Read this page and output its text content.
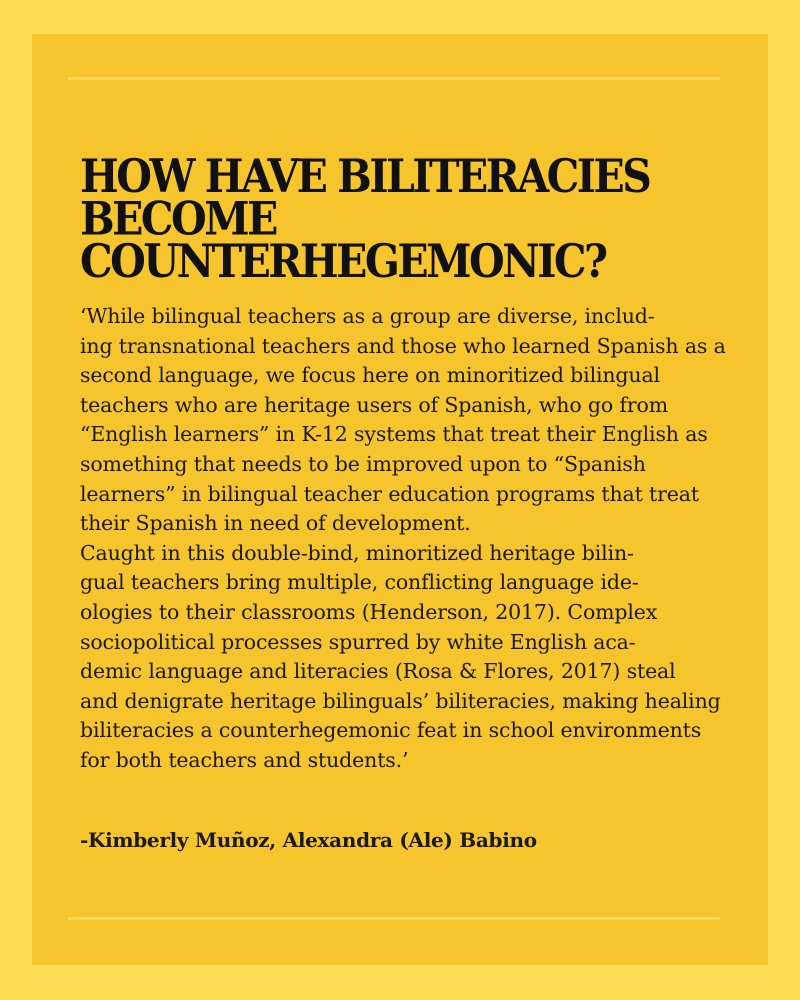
HOW HAVE BILITERACIES
BECOME
COUNTERHEGEMONIC?

‘While bilingual teachers as a group are diverse, includ-
ing transnational teachers and those who learned Spanish as a
second language, we focus here on minoritized bilingual
teachers who are heritage users of Spanish, who go from
“English learners” in K-12 systems that treat their English as
something that needs to be improved upon to “Spanish
learners” in bilingual teacher education programs that treat
their Spanish in need of development.
Caught in this double-bind, minoritized heritage bilin-
gual teachers bring multiple, conflicting language ide-
ologies to their classrooms (Henderson, 2017). Complex
sociopolitical processes spurred by white English aca-
demic language and literacies (Rosa & Flores, 2017) steal
and denigrate heritage bilinguals’ biliteracies, making healing
biliteracies a counterhegemonic feat in school environments
for both teachers and students.’

-Kimberly Muñoz, Alexandra (Ale) Babino
